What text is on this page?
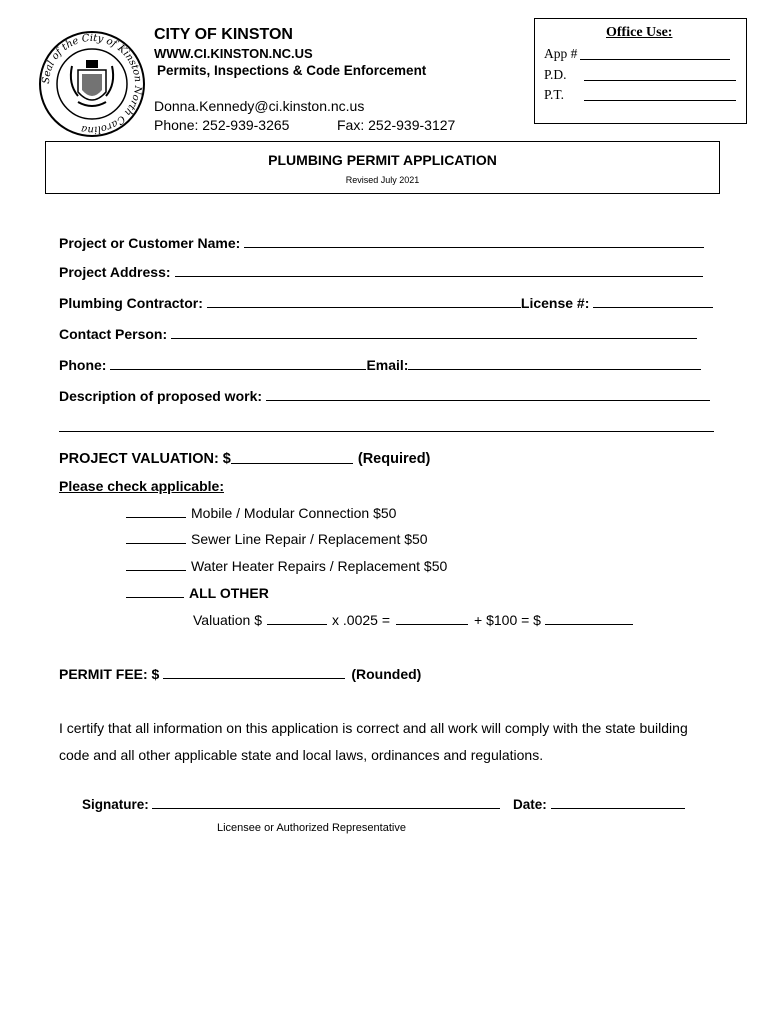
Seal of the City of Kinston North Carolina
CITY OF KINSTON
WWW.CI.KINSTON.NC.US
Permits, Inspections & Code Enforcement
Donna.Kennedy@ci.kinston.nc.us
Phone: 252-939-3265	Fax: 252-939-3127
Office Use:
App #
P.D.
P.T.
PLUMBING PERMIT APPLICATION
Revised July 2021
Project or Customer Name:
Project Address:
Plumbing Contractor:	License #:
Contact Person:
Phone:	Email:
Description of proposed work:
PROJECT VALUATION: $	(Required)
Please check applicable:
Mobile / Modular Connection $50
Sewer Line Repair / Replacement $50
Water Heater Repairs / Replacement $50
ALL OTHER
Valuation $	x .0025 =	+ $100 = $
PERMIT FEE: $	(Rounded)
I certify that all information on this application is correct and all work will comply with the state building
code and all other applicable state and local laws, ordinances and regulations.
Signature:	Date:
Licensee or Authorized Representative
